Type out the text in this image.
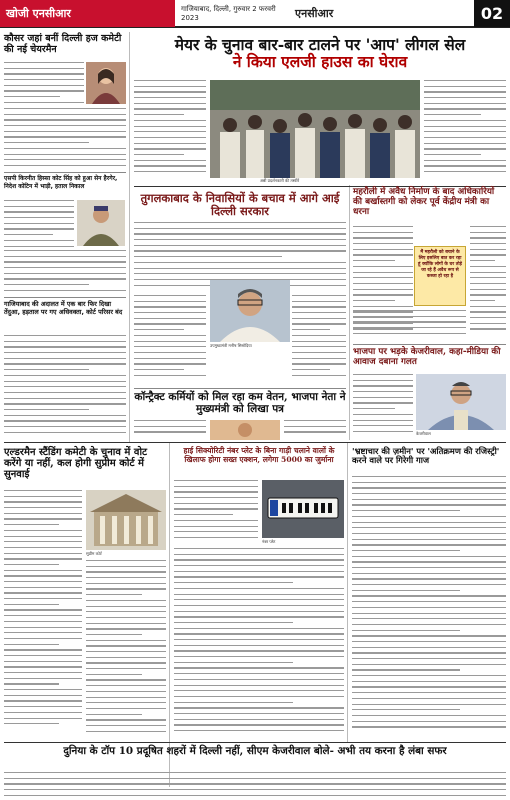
खोजी एनसीआर	गाजियाबाद, दिल्ली, गुरुवार 2 फरवरी 2023	एनसीआर	02
कौसर जहां बनीं दिल्ली हज कमेटी की नई चेयरमैन
एसपी किरनीत हिस्सा कोट सिंह को हुआ सेन हैरगेर, निदेश कोटिन में भाड़ी, हताल निकाल
गाजियाबाद की अदालत में एक बार फिर दिखा तेंदुआ, हड़ताल पर गए अधिवक्ता, कोर्ट परिसर बंद
मेयर के चुनाव बार-बार टालने पर 'आप' लीगल सेल
ने किया एलजी हाउस का घेराव
अन्नी प्रदर्शनकारी की तस्वीरें
तुगलकाबाद के निवासियों के बचाव में आगे आई दिल्ली सरकार
उपमुख्यमंत्री मनीष सिसोदिया
महरौली में अवैध निर्माण के बाद अधिकारियों की बर्खास्तगी को लेकर पूर्व केंद्रीय मंत्री का धरना
मैं महरौली को बचाने के लिए इसलिए बात कर रहा हूं क्योंकि लोगों के घर तोड़े जा रहे हैं अवैध रूप से कब्जा हो रहा है
भाजपा पर भड़के केजरीवाल, कहा-मीडिया की आवाज दबाना गलत
केजरीवाल
कॉन्ट्रैक्ट कर्मियों को मिल रहा कम वेतन, भाजपा नेता ने मुख्यमंत्री को लिखा पत्र
एल्डरमैन स्टैंडिंग कमेटी के चुनाव में वोट करेंगे या नहीं, कल होगी सुप्रीम कोर्ट में सुनवाई
सुप्रीम कोर्ट
हाई सिक्योरिटी नंबर प्लेट के बिना गाड़ी चलाने वालों के खिलाफ होगा सख्त एक्शन, लगेगा 5000 का जुर्माना
नंबर प्लेट
'भ्रष्टाचार की ज़मीन' पर 'अतिक्रमण की रजिस्ट्री' करने वाले पर गिरेगी गाज
दुनिया के टॉप 10 प्रदूषित शहरों में दिल्ली नहीं, सीएम केजरीवाल बोले- अभी तय करना है लंबा सफर
